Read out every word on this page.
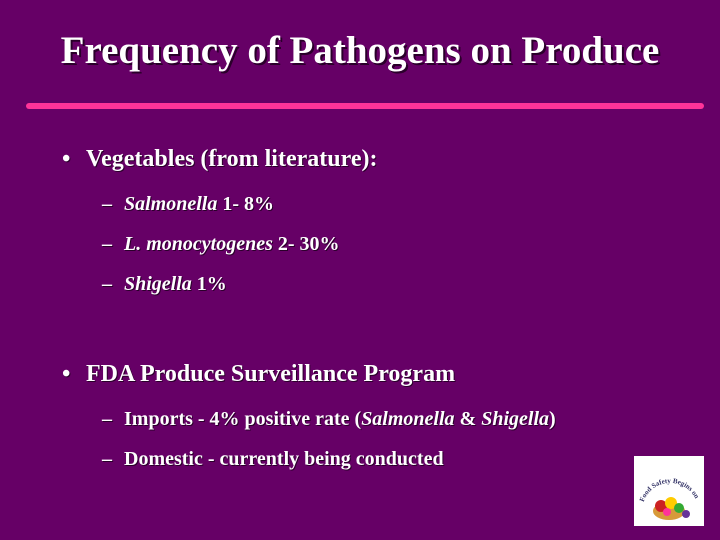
Frequency of Pathogens on Produce
• Vegetables (from literature):
– Salmonella 1- 8%
– L. monocytogenes 2- 30%
– Shigella 1%
• FDA Produce Surveillance Program
– Imports - 4% positive rate (Salmonella & Shigella)
– Domestic - currently being conducted
Food Safety Begins on
